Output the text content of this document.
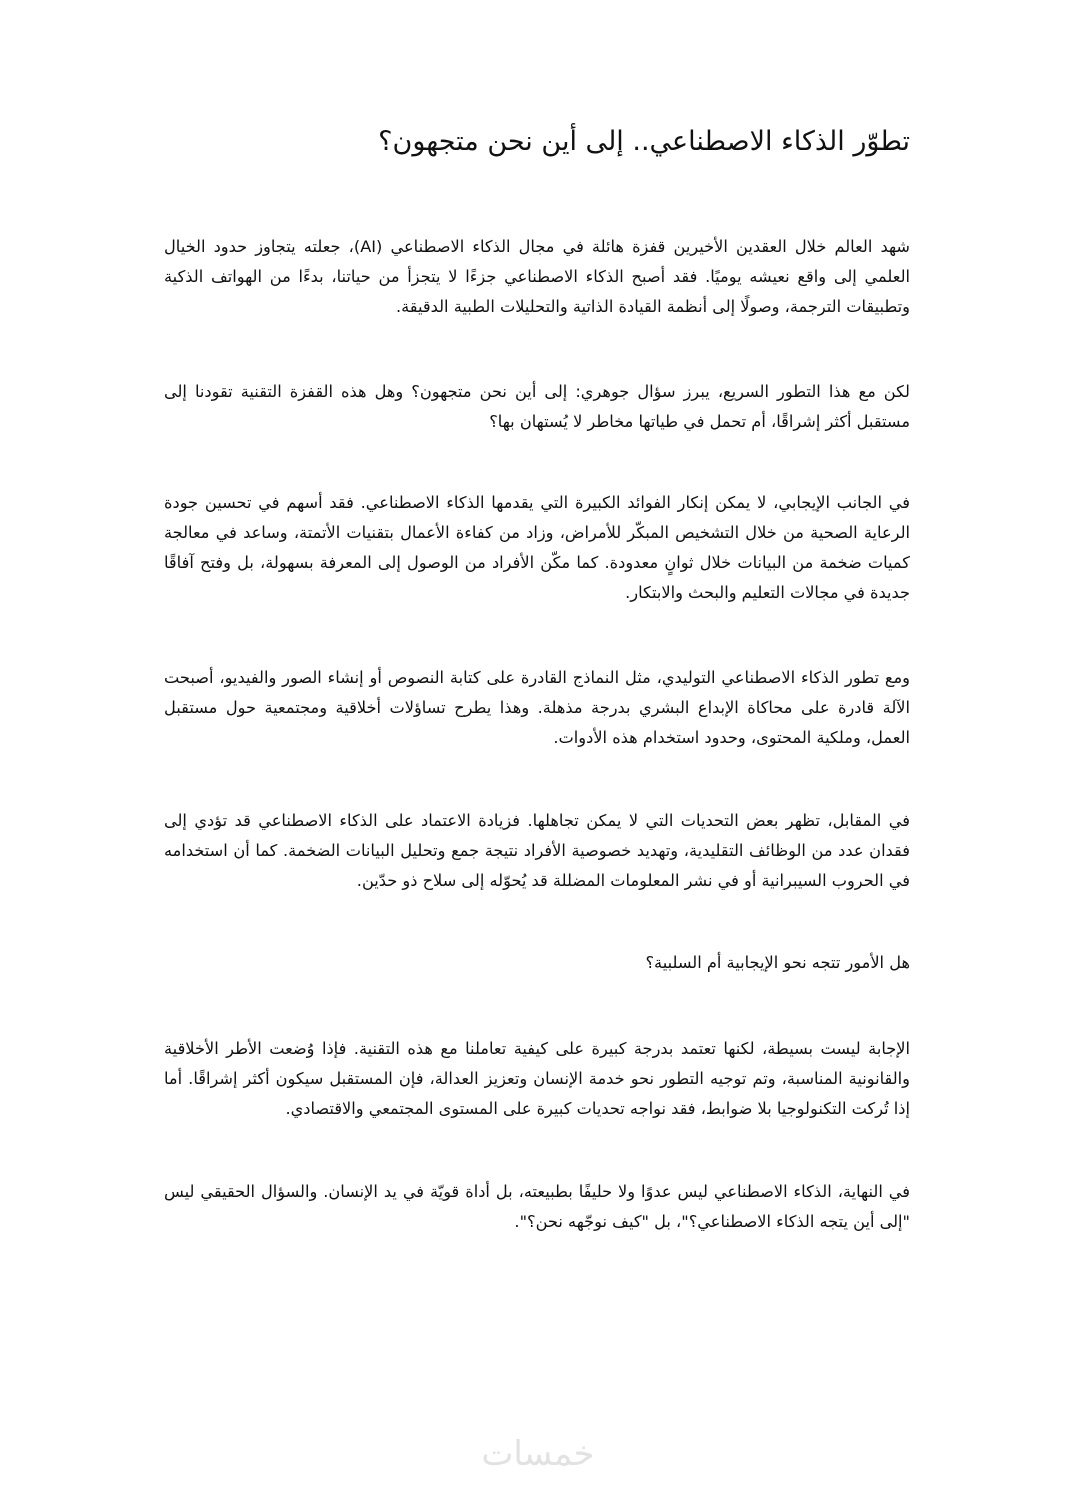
تطوّر الذكاء الاصطناعي.. إلى أين نحن متجهون؟

شهد العالم خلال العقدين الأخيرين قفزة هائلة في مجال الذكاء الاصطناعي (AI)، جعلته يتجاوز حدود الخيال العلمي إلى واقع نعيشه يوميًا. فقد أصبح الذكاء الاصطناعي جزءًا لا يتجزأ من حياتنا، بدءًا من الهواتف الذكية وتطبيقات الترجمة، وصولًا إلى أنظمة القيادة الذاتية والتحليلات الطبية الدقيقة.

لكن مع هذا التطور السريع، يبرز سؤال جوهري: إلى أين نحن متجهون؟ وهل هذه القفزة التقنية تقودنا إلى مستقبل أكثر إشراقًا، أم تحمل في طياتها مخاطر لا يُستهان بها؟

في الجانب الإيجابي، لا يمكن إنكار الفوائد الكبيرة التي يقدمها الذكاء الاصطناعي. فقد أسهم في تحسين جودة الرعاية الصحية من خلال التشخيص المبكّر للأمراض، وزاد من كفاءة الأعمال بتقنيات الأتمتة، وساعد في معالجة كميات ضخمة من البيانات خلال ثوانٍ معدودة. كما مكّن الأفراد من الوصول إلى المعرفة بسهولة، بل وفتح آفاقًا جديدة في مجالات التعليم والبحث والابتكار.

ومع تطور الذكاء الاصطناعي التوليدي، مثل النماذج القادرة على كتابة النصوص أو إنشاء الصور والفيديو، أصبحت الآلة قادرة على محاكاة الإبداع البشري بدرجة مذهلة. وهذا يطرح تساؤلات أخلاقية ومجتمعية حول مستقبل العمل، وملكية المحتوى، وحدود استخدام هذه الأدوات.

في المقابل، تظهر بعض التحديات التي لا يمكن تجاهلها. فزيادة الاعتماد على الذكاء الاصطناعي قد تؤدي إلى فقدان عدد من الوظائف التقليدية، وتهديد خصوصية الأفراد نتيجة جمع وتحليل البيانات الضخمة. كما أن استخدامه في الحروب السيبرانية أو في نشر المعلومات المضللة قد يُحوّله إلى سلاح ذو حدّين.

هل الأمور تتجه نحو الإيجابية أم السلبية؟

الإجابة ليست بسيطة، لكنها تعتمد بدرجة كبيرة على كيفية تعاملنا مع هذه التقنية. فإذا وُضعت الأطر الأخلاقية والقانونية المناسبة، وتم توجيه التطور نحو خدمة الإنسان وتعزيز العدالة، فإن المستقبل سيكون أكثر إشراقًا. أما إذا تُركت التكنولوجيا بلا ضوابط، فقد نواجه تحديات كبيرة على المستوى المجتمعي والاقتصادي.

في النهاية، الذكاء الاصطناعي ليس عدوًا ولا حليفًا بطبيعته، بل أداة قويّة في يد الإنسان. والسؤال الحقيقي ليس "إلى أين يتجه الذكاء الاصطناعي؟"، بل "كيف نوجّهه نحن؟".

خمسات
